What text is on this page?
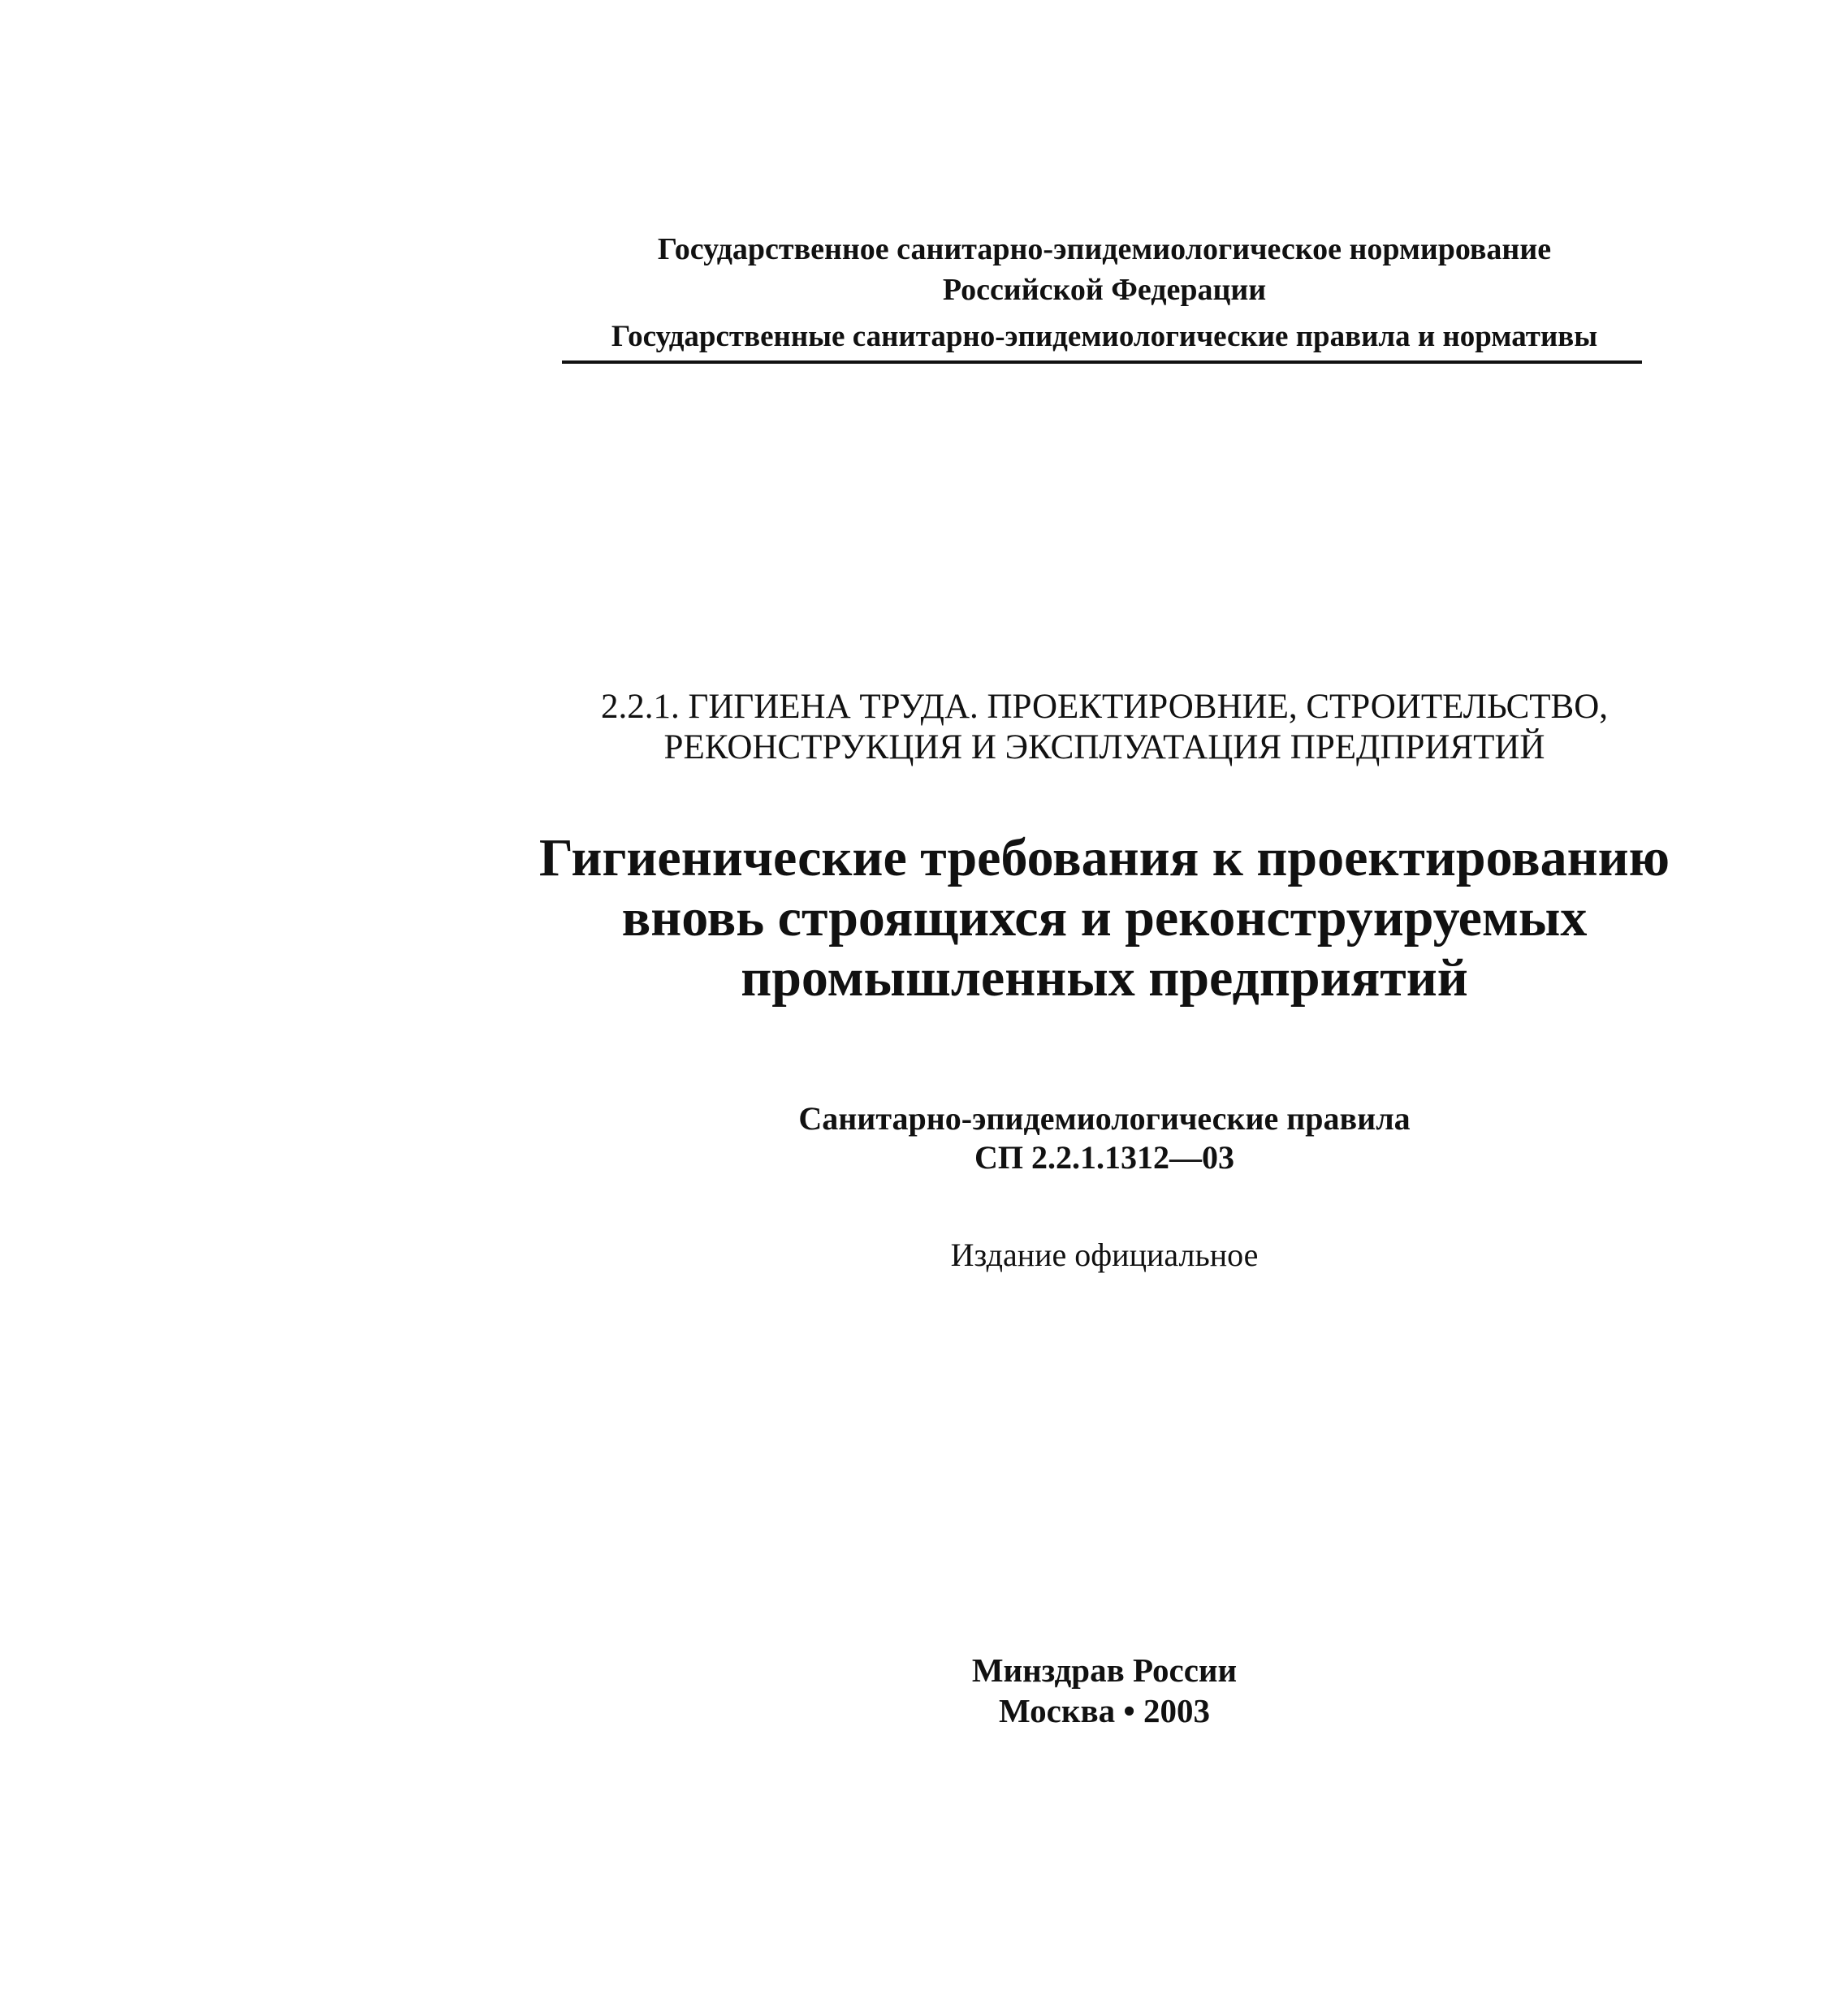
Государственное санитарно-эпидемиологическое нормирование
Российской Федерации
Государственные санитарно-эпидемиологические правила и нормативы
2.2.1. ГИГИЕНА ТРУДА. ПРОЕКТИРОВНИЕ, СТРОИТЕЛЬСТВО,
РЕКОНСТРУКЦИЯ И ЭКСПЛУАТАЦИЯ ПРЕДПРИЯТИЙ
Гигиенические требования к проектированию
вновь строящихся и реконструируемых
промышленных предприятий
Санитарно-эпидемиологические правила
СП 2.2.1.1312—03
Издание официальное
Минздрав России
Москва • 2003
